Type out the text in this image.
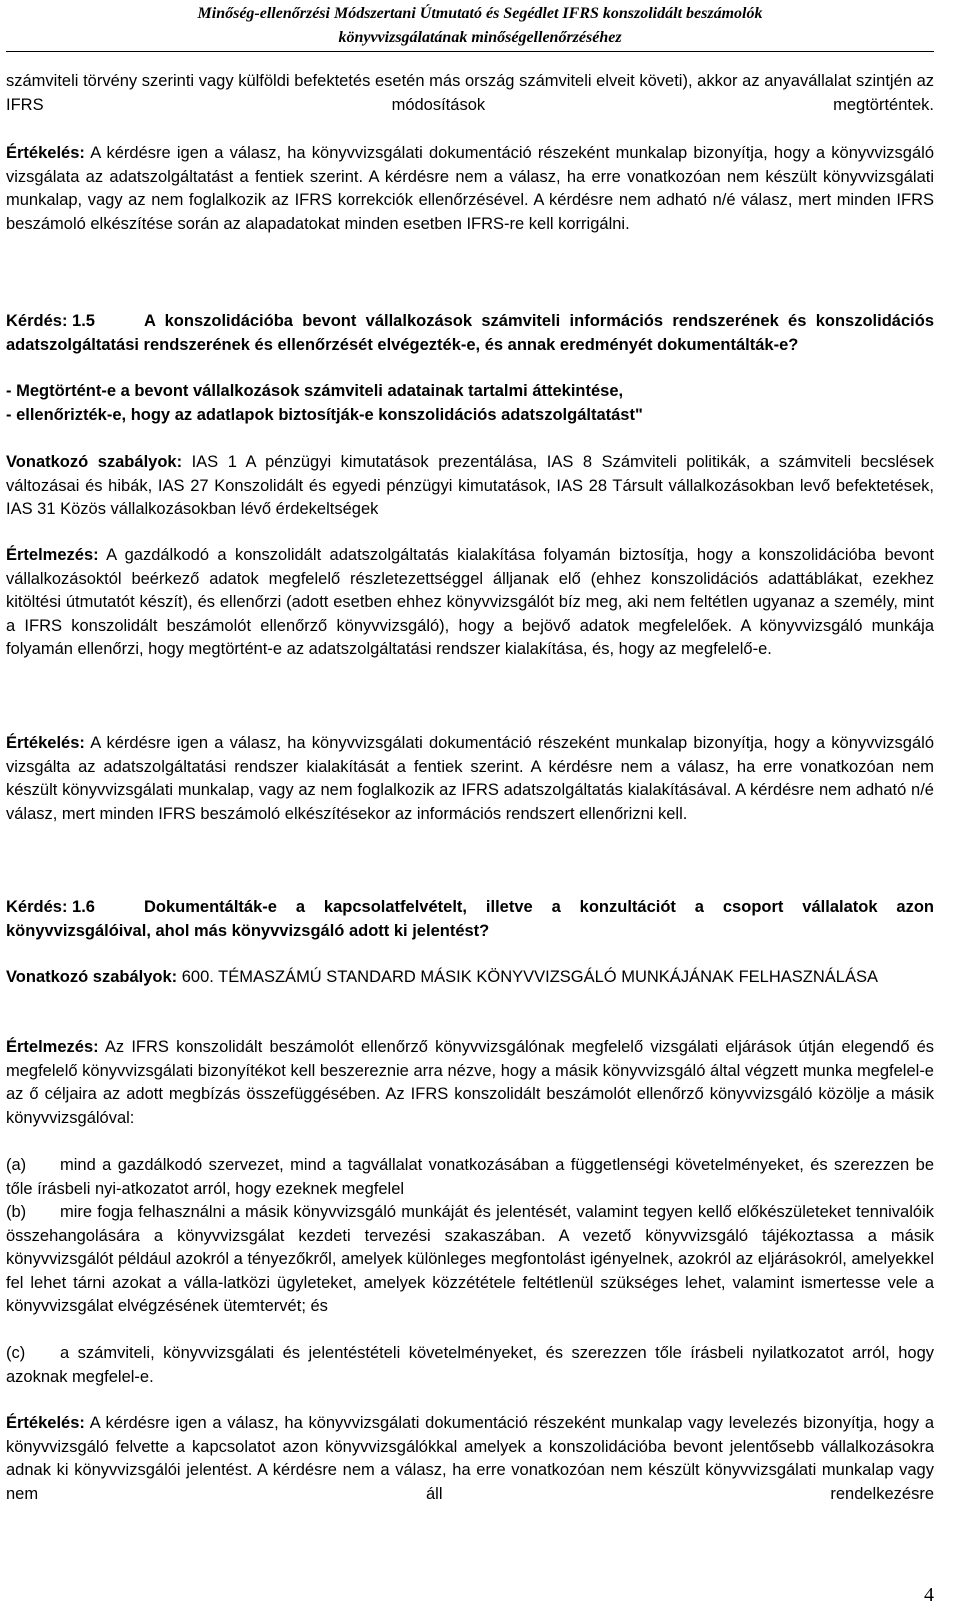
Minőség-ellenőrzési Módszertani Útmutató és Segédlet IFRS konszolidált beszámolók
könyvvizsgálatának minőségellenőrzéséhez

számviteli törvény szerinti vagy külföldi befektetés esetén más ország számviteli elveit követi), akkor az anyavállalat szintjén az IFRS módosítások megtörténtek.

Értékelés: A kérdésre igen a válasz, ha könyvvizsgálati dokumentáció részeként munkalap bizonyítja, hogy a könyvvizsgáló vizsgálata az adatszolgáltatást a fentiek szerint. A kérdésre nem a válasz, ha erre vonatkozóan nem készült könyvvizsgálati munkalap, vagy az nem foglalkozik az IFRS korrekciók ellenőrzésével. A kérdésre nem adható n/é válasz, mert minden IFRS beszámoló elkészítése során az alapadatokat minden esetben IFRS-re kell korrigálni.

Kérdés: 1.5	A konszolidációba bevont vállalkozások számviteli információs rendszerének és konszolidációs adatszolgáltatási rendszerének és ellenőrzését elvégezték-e, és annak eredményét dokumentálták-e?

- Megtörtént-e a bevont vállalkozások számviteli adatainak tartalmi áttekintése,

- ellenőrizték-e, hogy az adatlapok biztosítják-e konszolidációs adatszolgáltatást"

Vonatkozó szabályok: IAS 1 A pénzügyi kimutatások prezentálása, IAS 8 Számviteli politikák, a számviteli becslések változásai és hibák, IAS 27 Konszolidált és egyedi pénzügyi kimutatások, IAS 28 Társult vállalkozásokban levő befektetések, IAS 31 Közös vállalkozásokban lévő érdekeltségek

Értelmezés: A gazdálkodó a konszolidált adatszolgáltatás kialakítása folyamán biztosítja, hogy a konszolidációba bevont vállalkozásoktól beérkező adatok megfelelő részletezettséggel álljanak elő (ehhez konszolidációs adattáblákat, ezekhez kitöltési útmutatót készít), és ellenőrzi (adott esetben ehhez könyvvizsgálót bíz meg, aki nem feltétlen ugyanaz a személy, mint a IFRS konszolidált beszámolót ellenőrző könyvvizsgáló), hogy a bejövő adatok megfelelőek. A könyvvizsgáló munkája folyamán ellenőrzi, hogy megtörtént-e az adatszolgáltatási rendszer kialakítása, és, hogy az megfelelő-e.

Értékelés: A kérdésre igen a válasz, ha könyvvizsgálati dokumentáció részeként munkalap bizonyítja, hogy a könyvvizsgáló vizsgálta az adatszolgáltatási rendszer kialakítását a fentiek szerint. A kérdésre nem a válasz, ha erre vonatkozóan nem készült könyvvizsgálati munkalap, vagy az nem foglalkozik az IFRS adatszolgáltatás kialakításával. A kérdésre nem adható n/é válasz, mert minden IFRS beszámoló elkészítésekor az információs rendszert ellenőrizni kell.

Kérdés: 1.6	Dokumentálták-e a kapcsolatfelvételt, illetve a konzultációt a csoport vállalatok azon könyvvizsgálóival, ahol más könyvvizsgáló adott ki jelentést?

Vonatkozó szabályok: 600. TÉMASZÁMÚ STANDARD MÁSIK KÖNYVVIZSGÁLÓ MUNKÁJÁNAK FELHASZNÁLÁSA

Értelmezés: Az IFRS konszolidált beszámolót ellenőrző könyvvizsgálónak megfelelő vizsgálati eljárások útján elegendő és megfelelő könyvvizsgálati bizonyítékot kell beszereznie arra nézve, hogy a másik könyvvizsgáló által végzett munka megfelel-e az ő céljaira az adott megbízás összefüggésében. Az IFRS konszolidált beszámolót ellenőrző könyvvizsgáló közölje a másik könyvvizsgálóval:

(a) mind a gazdálkodó szervezet, mind a tagvállalat vonatkozásában a függetlenségi követelményeket, és szerezzen be tőle írásbeli nyi-atkozatot arról, hogy ezeknek megfelel

(b) mire fogja felhasználni a másik könyvvizsgáló munkáját és jelentését, valamint tegyen kellő előkészületeket tennivalóik összehangolására a könyvvizsgálat kezdeti tervezési szakaszában. A vezető könyvvizsgáló tájékoztassa a másik könyvvizsgálót például azokról a tényezőkről, amelyek különleges megfontolást igényelnek, azokról az eljárásokról, amelyekkel fel lehet tárni azokat a válla-latközi ügyleteket, amelyek közzététele feltétlenül szükséges lehet, valamint ismertesse vele a könyvvizsgálat elvégzésének ütemtervét; és

(c) a számviteli, könyvvizsgálati és jelentéstételi követelményeket, és szerezzen tőle írásbeli nyilatkozatot arról, hogy azoknak megfelel-e.

Értékelés: A kérdésre igen a válasz, ha könyvvizsgálati dokumentáció részeként munkalap vagy levelezés bizonyítja, hogy a könyvvizsgáló felvette a kapcsolatot azon könyvvizsgálókkal amelyek a konszolidációba bevont jelentősebb vállalkozásokra adnak ki könyvvizsgálói jelentést. A kérdésre nem a válasz, ha erre vonatkozóan nem készült könyvvizsgálati munkalap vagy nem áll rendelkezésre

4
